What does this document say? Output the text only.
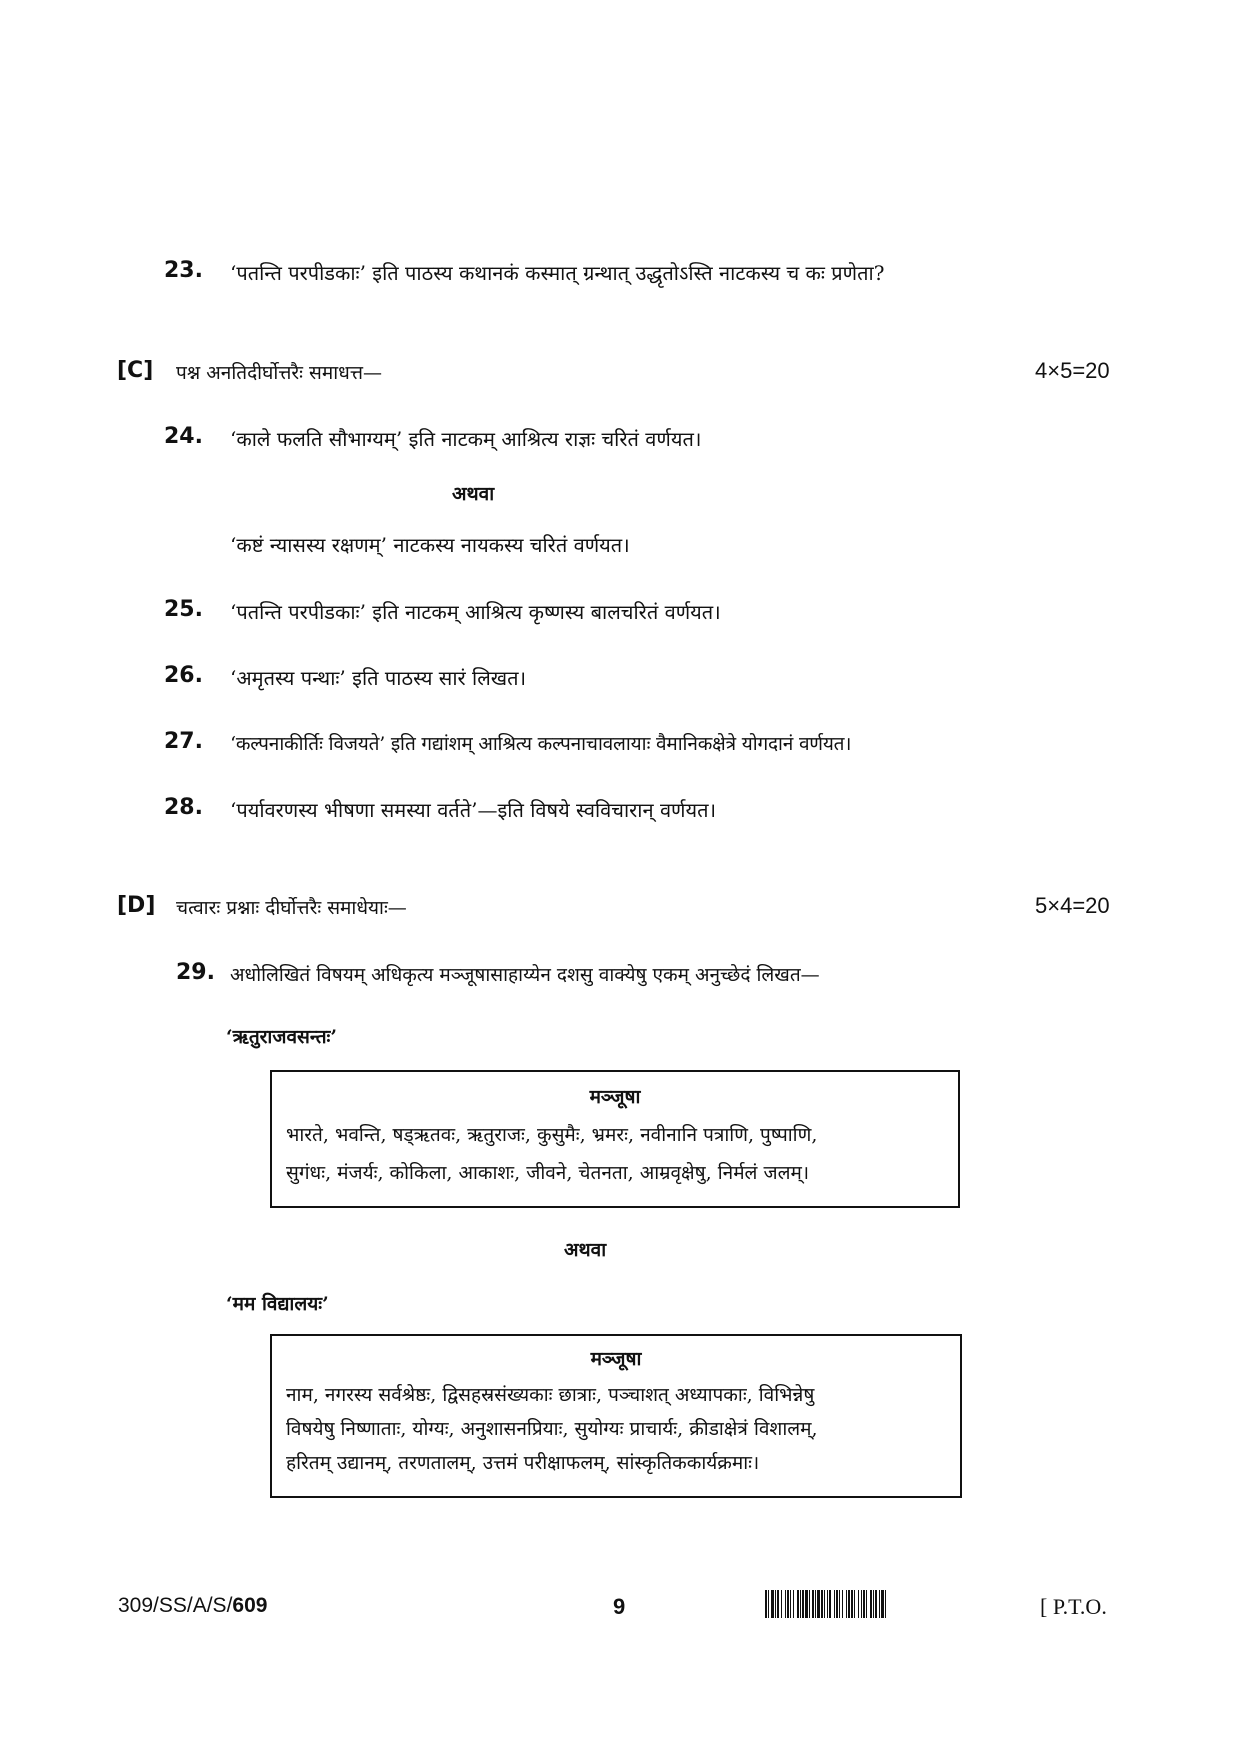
23. ‘पतन्ति परपीडकाः’ इति पाठस्य कथानकं कस्मात् ग्रन्थात् उद्धृतोऽस्ति नाटकस्य च कः प्रणेता?
[C] पश्न अनतिदीर्घोत्तरैः समाधत्त—	4×5=20
24. ‘काले फलति सौभाग्यम्’ इति नाटकम् आश्रित्य राज्ञः चरितं वर्णयत।
अथवा
‘कष्टं न्यासस्य रक्षणम्’ नाटकस्य नायकस्य चरितं वर्णयत।
25. ‘पतन्ति परपीडकाः’ इति नाटकम् आश्रित्य कृष्णस्य बालचरितं वर्णयत।
26. ‘अमृतस्य पन्थाः’ इति पाठस्य सारं लिखत।
27. ‘कल्पनाकीर्तिः विजयते’ इति गद्यांशम् आश्रित्य कल्पनाचावलायाः वैमानिकक्षेत्रे योगदानं वर्णयत।
28. ‘पर्यावरणस्य भीषणा समस्या वर्तते’—इति विषये स्वविचारान् वर्णयत।
[D] चत्वारः प्रश्नाः दीर्घोत्तरैः समाधेयाः—	5×4=20
29. अधोलिखितं विषयम् अधिकृत्य मञ्जूषासाहाय्येन दशसु वाक्येषु एकम् अनुच्छेदं लिखत—
‘ऋतुराजवसन्तः’
मञ्जूषा
भारते, भवन्ति, षड्ऋतवः, ऋतुराजः, कुसुमैः, भ्रमरः, नवीनानि पत्राणि, पुष्पाणि,
सुगंधः, मंजर्यः, कोकिला, आकाशः, जीवने, चेतनता, आम्रवृक्षेषु, निर्मलं जलम्।
अथवा
‘मम विद्यालयः’
मञ्जूषा
नाम, नगरस्य सर्वश्रेष्ठः, द्विसहस्रसंख्यकाः छात्राः, पञ्चाशत् अध्यापकाः, विभिन्नेषु
विषयेषु निष्णाताः, योग्यः, अनुशासनप्रियाः, सुयोग्यः प्राचार्यः, क्रीडाक्षेत्रं विशालम्,
हरितम् उद्यानम्, तरणतालम्, उत्तमं परीक्षाफलम्, सांस्कृतिककार्यक्रमाः।
309/SS/A/S/609	9	[ P.T.O.
